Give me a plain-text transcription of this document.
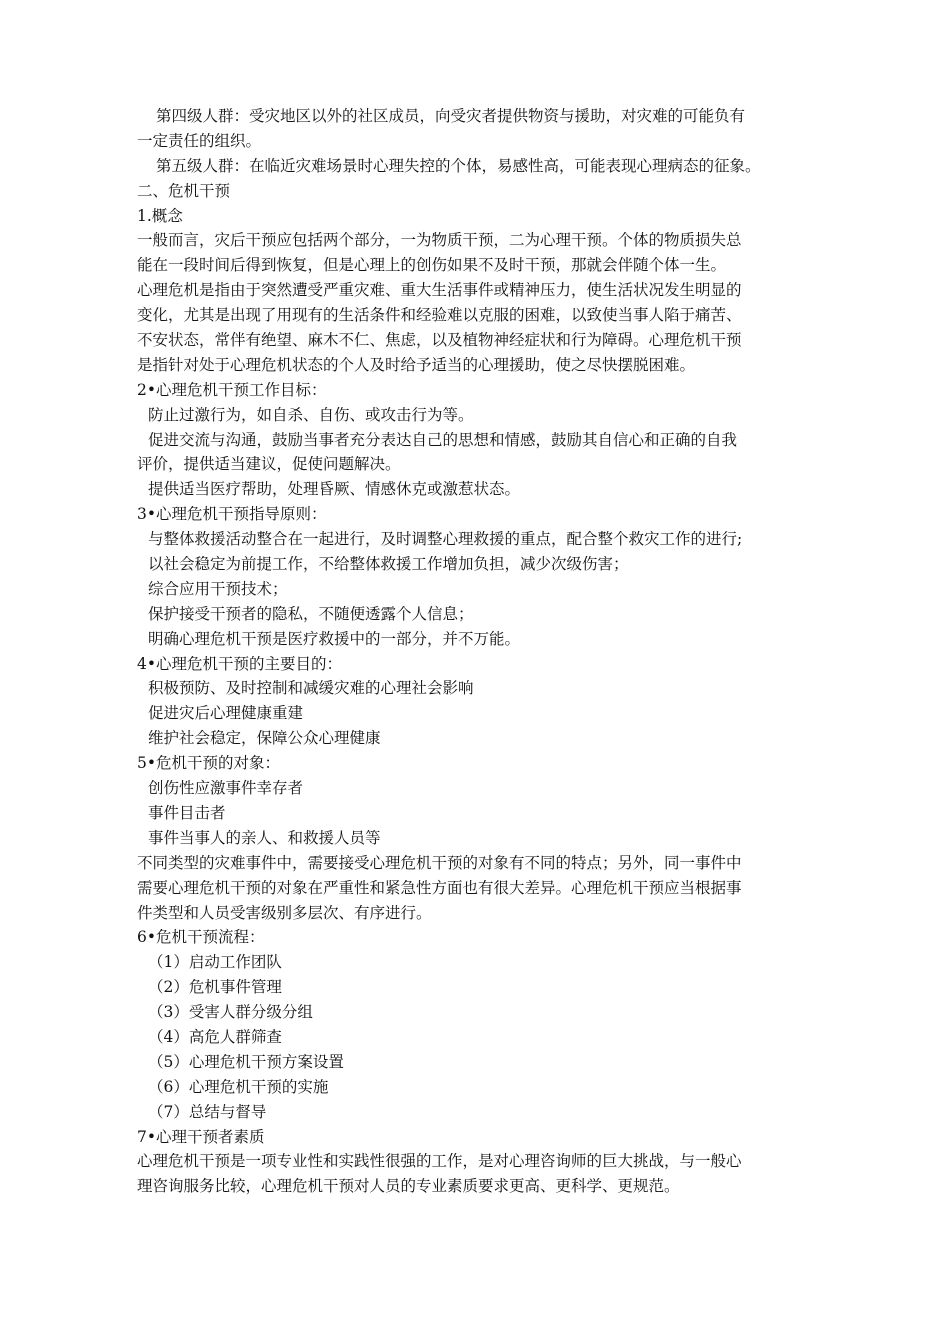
第四级人群：受灾地区以外的社区成员，向受灾者提供物资与援助，对灾难的可能负有
一定责任的组织。
第五级人群：在临近灾难场景时心理失控的个体，易感性高，可能表现心理病态的征象。
二、危机干预
1.概念
一般而言，灾后干预应包括两个部分，一为物质干预，二为心理干预。个体的物质损失总
能在一段时间后得到恢复，但是心理上的创伤如果不及时干预，那就会伴随个体一生。
心理危机是指由于突然遭受严重灾难、重大生活事件或精神压力，使生活状况发生明显的
变化，尤其是出现了用现有的生活条件和经验难以克服的困难，以致使当事人陷于痛苦、
不安状态，常伴有绝望、麻木不仁、焦虑，以及植物神经症状和行为障碍。心理危机干预
是指针对处于心理危机状态的个人及时给予适当的心理援助，使之尽快摆脱困难。
2•心理危机干预工作目标：
防止过激行为，如自杀、自伤、或攻击行为等。
促进交流与沟通，鼓励当事者充分表达自己的思想和情感，鼓励其自信心和正确的自我
评价，提供适当建议，促使问题解决。
提供适当医疗帮助，处理昏厥、情感休克或激惹状态。
3•心理危机干预指导原则：
与整体救援活动整合在一起进行，及时调整心理救援的重点，配合整个救灾工作的进行;
以社会稳定为前提工作，不给整体救援工作增加负担，减少次级伤害；
综合应用干预技术；
保护接受干预者的隐私，不随便透露个人信息；
明确心理危机干预是医疗救援中的一部分，并不万能。
4•心理危机干预的主要目的：
积极预防、及时控制和减缓灾难的心理社会影响
促进灾后心理健康重建
维护社会稳定，保障公众心理健康
5•危机干预的对象：
创伤性应激事件幸存者
事件目击者
事件当事人的亲人、和救援人员等
不同类型的灾难事件中，需要接受心理危机干预的对象有不同的特点；另外，同一事件中
需要心理危机干预的对象在严重性和紧急性方面也有很大差异。心理危机干预应当根据事
件类型和人员受害级别多层次、有序进行。
6•危机干预流程：
（1）启动工作团队
（2）危机事件管理
（3）受害人群分级分组
（4）高危人群筛查
（5）心理危机干预方案设置
（6）心理危机干预的实施
（7）总结与督导
7•心理干预者素质
心理危机干预是一项专业性和实践性很强的工作，是对心理咨询师的巨大挑战，与一般心
理咨询服务比较，心理危机干预对人员的专业素质要求更高、更科学、更规范。
